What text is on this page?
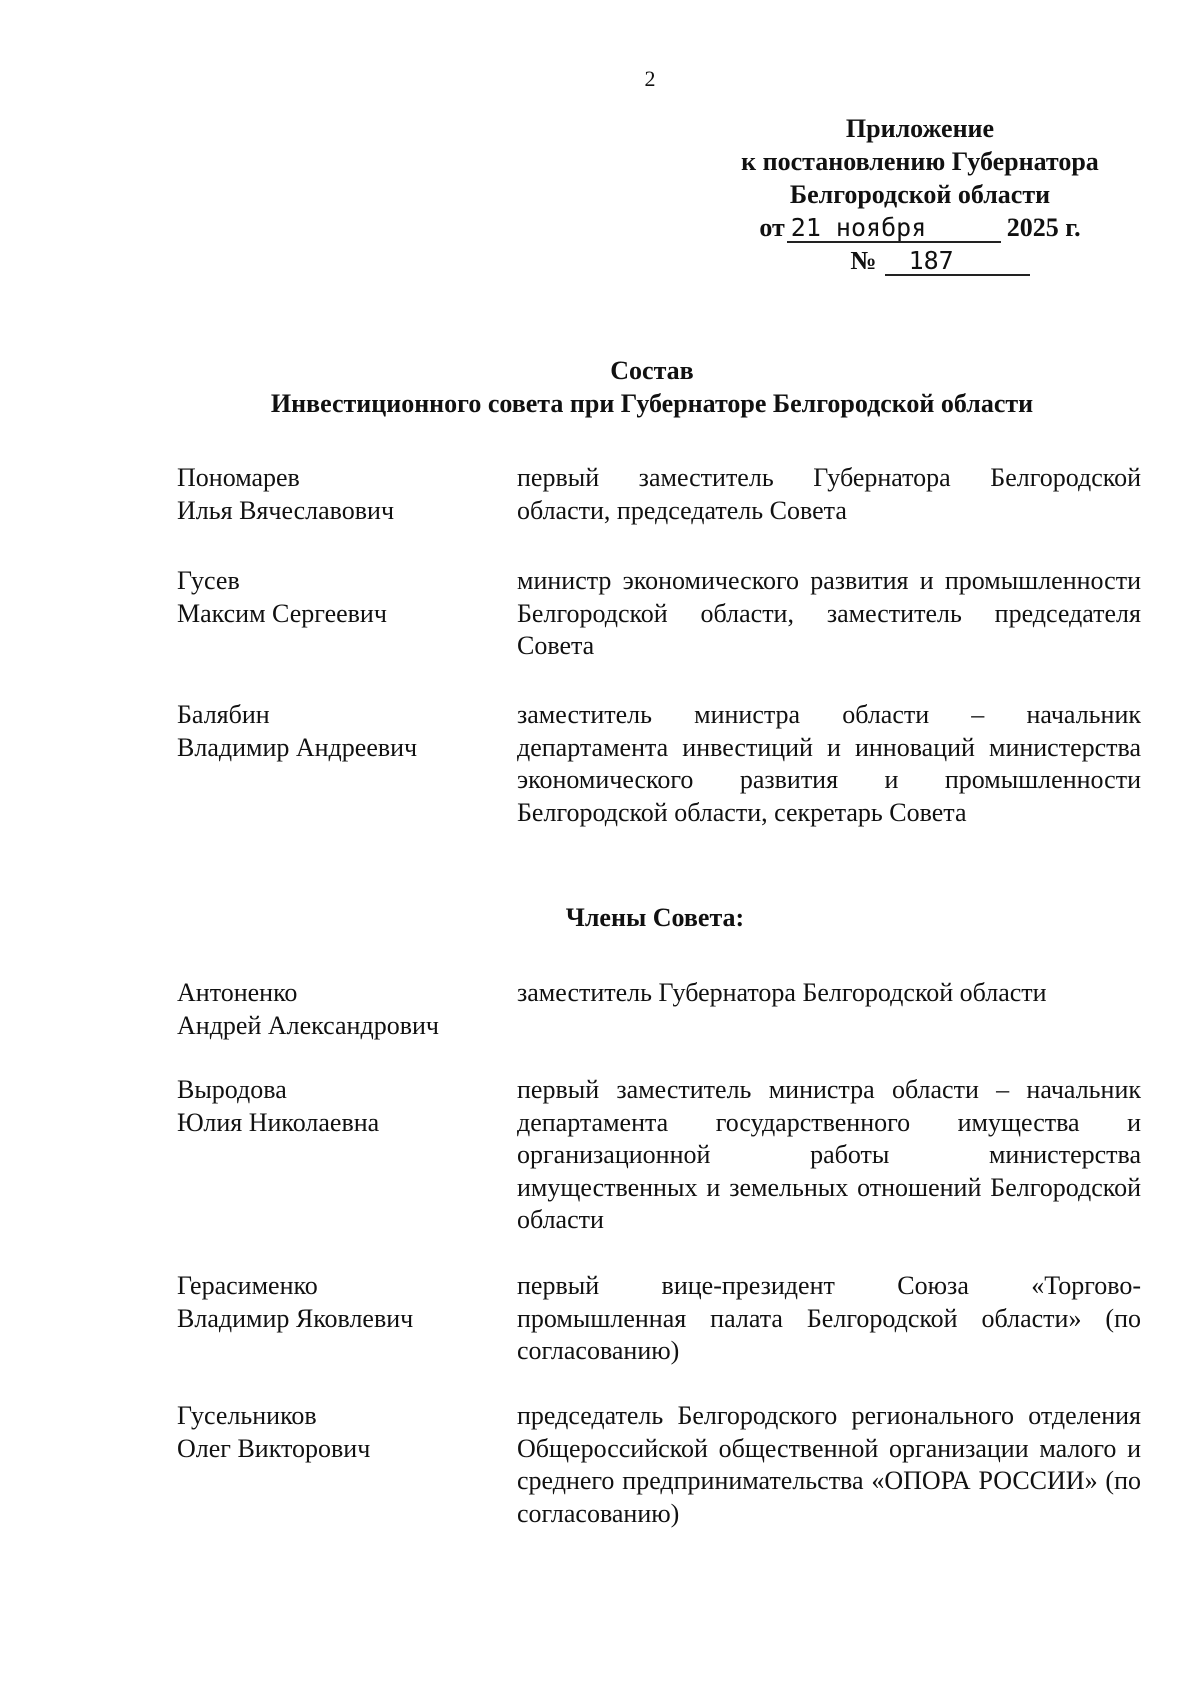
2
Приложение
к постановлению Губернатора
Белгородской области
от 21 ноября	2025 г.
№ 187
Состав
Инвестиционного совета при Губернаторе Белгородской области
Пономарев
Илья Вячеславович
первый заместитель Губернатора Белгородской области, председатель Совета
Гусев
Максим Сергеевич
министр экономического развития и промышленности Белгородской области, заместитель председателя Совета
Балябин
Владимир Андреевич
заместитель министра области – начальник департамента инвестиций и инноваций министерства экономического развития и промышленности Белгородской области, секретарь Совета
Члены Совета:
Антоненко
Андрей Александрович
заместитель Губернатора Белгородской области
Выродова
Юлия Николаевна
первый заместитель министра области – начальник департамента государственного имущества и организационной работы министерства имущественных и земельных отношений Белгородской области
Герасименко
Владимир Яковлевич
первый вице-президент Союза «Торгово-промышленная палата Белгородской области» (по согласованию)
Гусельников
Олег Викторович
председатель Белгородского регионального отделения Общероссийской общественной организации малого и среднего предпринимательства «ОПОРА РОССИИ» (по согласованию)
